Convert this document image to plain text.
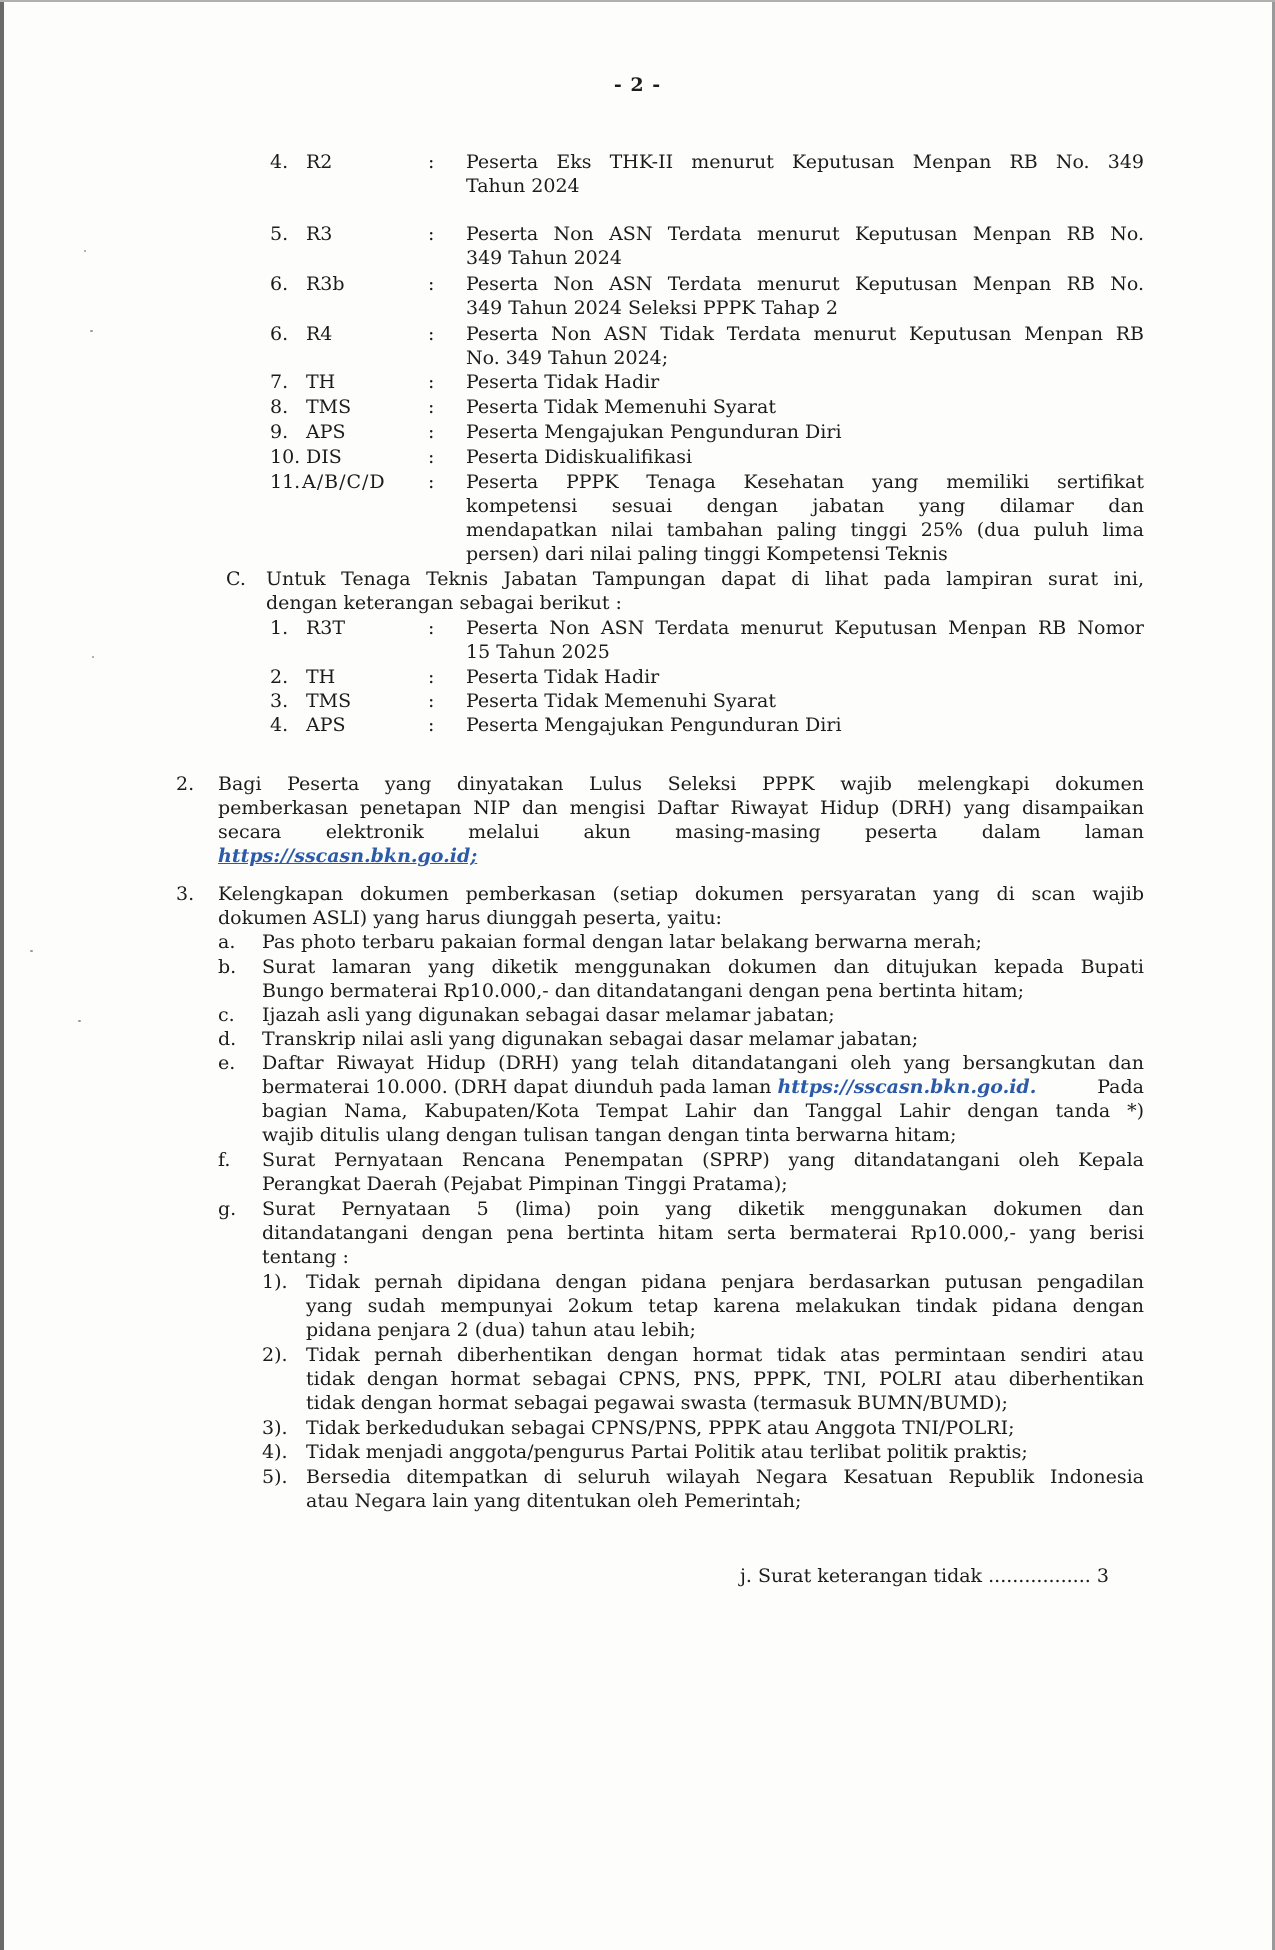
- 2 -
4. R2	: Peserta Eks THK-II menurut Keputusan Menpan RB No. 349
Tahun 2024
5. R3	: Peserta Non ASN Terdata menurut Keputusan Menpan RB No.
349 Tahun 2024
6. R3b	: Peserta Non ASN Terdata menurut Keputusan Menpan RB No.
349 Tahun 2024 Seleksi PPPK Tahap 2
6. R4	: Peserta Non ASN Tidak Terdata menurut Keputusan Menpan RB
No. 349 Tahun 2024;
7. TH	: Peserta Tidak Hadir
8. TMS	: Peserta Tidak Memenuhi Syarat
9. APS	: Peserta Mengajukan Pengunduran Diri
10. DIS	: Peserta Didiskualifikasi
11. A/B/C/D : Peserta PPPK Tenaga Kesehatan yang memiliki sertifikat
kompetensi sesuai dengan jabatan yang dilamar dan
mendapatkan nilai tambahan paling tinggi 25% (dua puluh lima
persen) dari nilai paling tinggi Kompetensi Teknis
C. Untuk Tenaga Teknis Jabatan Tampungan dapat di lihat pada lampiran surat ini,
dengan keterangan sebagai berikut :
1. R3T	: Peserta Non ASN Terdata menurut Keputusan Menpan RB Nomor
15 Tahun 2025
2. TH	: Peserta Tidak Hadir
3. TMS	: Peserta Tidak Memenuhi Syarat
4. APS	: Peserta Mengajukan Pengunduran Diri
2. Bagi Peserta yang dinyatakan Lulus Seleksi PPPK wajib melengkapi dokumen
pemberkasan penetapan NIP dan mengisi Daftar Riwayat Hidup (DRH) yang disampaikan
secara elektronik melalui akun masing-masing peserta dalam laman
https://sscasn.bkn.go.id;
3. Kelengkapan dokumen pemberkasan (setiap dokumen persyaratan yang di scan wajib
dokumen ASLI) yang harus diunggah peserta, yaitu:
a. Pas photo terbaru pakaian formal dengan latar belakang berwarna merah;
b. Surat lamaran yang diketik menggunakan dokumen dan ditujukan kepada Bupati
Bungo bermaterai Rp10.000,- dan ditandatangani dengan pena bertinta hitam;
c. Ijazah asli yang digunakan sebagai dasar melamar jabatan;
d. Transkrip nilai asli yang digunakan sebagai dasar melamar jabatan;
e. Daftar Riwayat Hidup (DRH) yang telah ditandatangani oleh yang bersangkutan dan
bermaterai 10.000. (DRH dapat diunduh pada laman https://sscasn.bkn.go.id.	Pada
bagian Nama, Kabupaten/Kota Tempat Lahir dan Tanggal Lahir dengan tanda *)
wajib ditulis ulang dengan tulisan tangan dengan tinta berwarna hitam;
f. Surat Pernyataan Rencana Penempatan (SPRP) yang ditandatangani oleh Kepala
Perangkat Daerah (Pejabat Pimpinan Tinggi Pratama);
g. Surat Pernyataan 5 (lima) poin yang diketik menggunakan dokumen dan
ditandatangani dengan pena bertinta hitam serta bermaterai Rp10.000,- yang berisi
tentang :
1). Tidak pernah dipidana dengan pidana penjara berdasarkan putusan pengadilan
yang sudah mempunyai 2okum tetap karena melakukan tindak pidana dengan
pidana penjara 2 (dua) tahun atau lebih;
2). Tidak pernah diberhentikan dengan hormat tidak atas permintaan sendiri atau
tidak dengan hormat sebagai CPNS, PNS, PPPK, TNI, POLRI atau diberhentikan
tidak dengan hormat sebagai pegawai swasta (termasuk BUMN/BUMD);
3). Tidak berkedudukan sebagai CPNS/PNS, PPPK atau Anggota TNI/POLRI;
4). Tidak menjadi anggota/pengurus Partai Politik atau terlibat politik praktis;
5). Bersedia ditempatkan di seluruh wilayah Negara Kesatuan Republik Indonesia
atau Negara lain yang ditentukan oleh Pemerintah;
j. Surat keterangan tidak ................. 3
